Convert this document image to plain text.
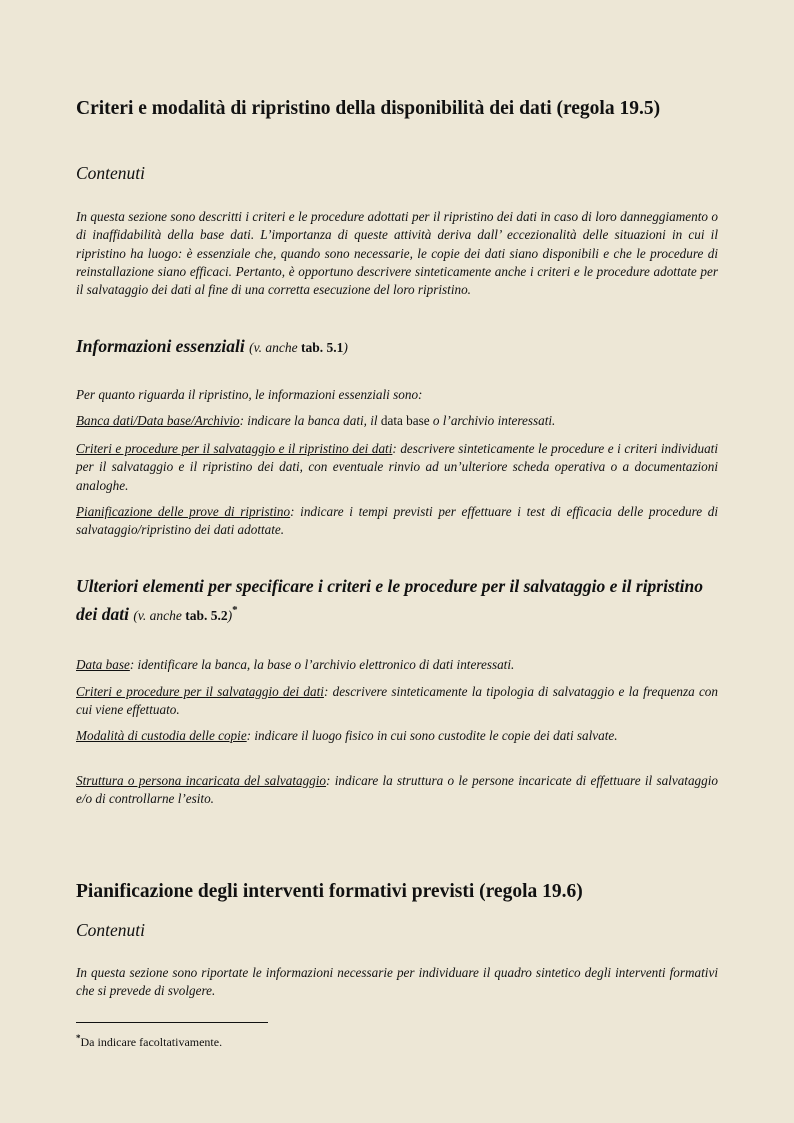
Criteri e modalità di ripristino della disponibilità dei dati (regola 19.5)
Contenuti

In questa sezione sono descritti i criteri e le procedure adottati per il ripristino dei dati in caso di loro danneggiamento o di inaffidabilità della base dati. L’importanza di queste attività deriva dall’ eccezionalità delle situazioni in cui il ripristino ha luogo: è essenziale che, quando sono necessarie, le copie dei dati siano disponibili e che le procedure di reinstallazione siano efficaci. Pertanto, è opportuno descrivere sinteticamente anche i criteri e le procedure adottate per il salvataggio dei dati al fine di una corretta esecuzione del loro ripristino.

Informazioni essenziali (v. anche tab. 5.1)

Per quanto riguarda il ripristino, le informazioni essenziali sono:

Banca dati/Data base/Archivio: indicare la banca dati, il data base o l’archivio interessati.

Criteri e procedure per il salvataggio e il ripristino dei dati: descrivere sinteticamente le procedure e i criteri individuati per il salvataggio e il ripristino dei dati, con eventuale rinvio ad un’ulteriore scheda operativa o a documentazioni analoghe.

Pianificazione delle prove di ripristino: indicare i tempi previsti per effettuare i test di efficacia delle procedure di salvataggio/ripristino dei dati adottate.

Ulteriori elementi per specificare i criteri e le procedure per il salvataggio e il ripristino dei dati (v. anche tab. 5.2)*

Data base: identificare la banca, la base o l’archivio elettronico di dati interessati.

Criteri e procedure per il salvataggio dei dati: descrivere sinteticamente la tipologia di salvataggio e la frequenza con cui viene effettuato.

Modalità di custodia delle copie: indicare il luogo fisico in cui sono custodite le copie dei dati salvate.

Struttura o persona incaricata del salvataggio: indicare la struttura o le persone incaricate di effettuare il salvataggio e/o di controllarne l’esito.

Pianificazione degli interventi formativi previsti (regola 19.6)
Contenuti

In questa sezione sono riportate le informazioni necessarie per individuare il quadro sintetico degli interventi formativi che si prevede di svolgere.

*Da indicare facoltativamente.
